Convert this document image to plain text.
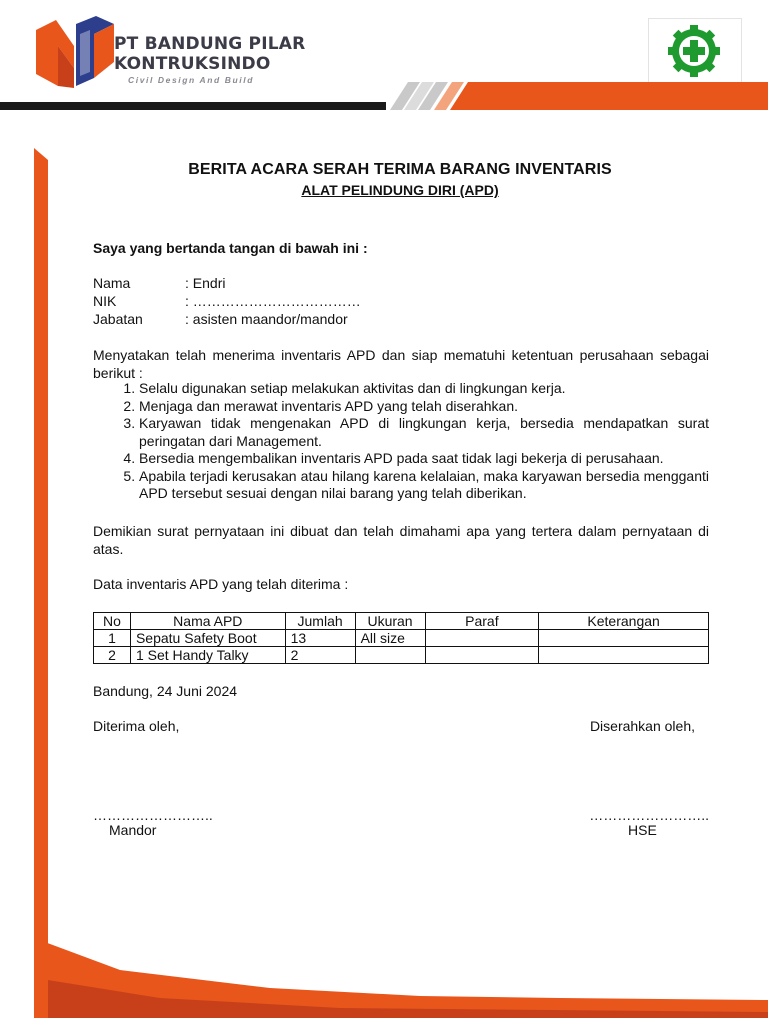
PT BANDUNG PILAR
KONTRUKSINDO
Civil Design And Build
BERITA ACARA SERAH TERIMA BARANG INVENTARIS
ALAT PELINDUNG DIRI (APD)
Saya yang bertanda tangan di bawah ini :
Nama	: Endri
NIK	: ………………………………
Jabatan	: asisten maandor/mandor
Menyatakan telah menerima inventaris APD dan siap mematuhi ketentuan perusahaan sebagai berikut :
1. Selalu digunakan setiap melakukan aktivitas dan di lingkungan kerja.
2. Menjaga dan merawat inventaris APD yang telah diserahkan.
3. Karyawan tidak mengenakan APD di lingkungan kerja, bersedia mendapatkan surat peringatan dari Management.
4. Bersedia mengembalikan inventaris APD pada saat tidak lagi bekerja di perusahaan.
5. Apabila terjadi kerusakan atau hilang karena kelalaian, maka karyawan bersedia mengganti APD tersebut sesuai dengan nilai barang yang telah diberikan.
Demikian surat pernyataan ini dibuat dan telah dimahami apa yang tertera dalam pernyataan di atas.
Data inventaris APD yang telah diterima :
No	Nama APD	Jumlah	Ukuran	Paraf	Keterangan
1	Sepatu Safety Boot	13	All size		
2	1 Set Handy Talky	2			
Bandung, 24 Juni 2024
Diterima oleh,	Diserahkan oleh,
……………………..	……………………..
Mandor	HSE
